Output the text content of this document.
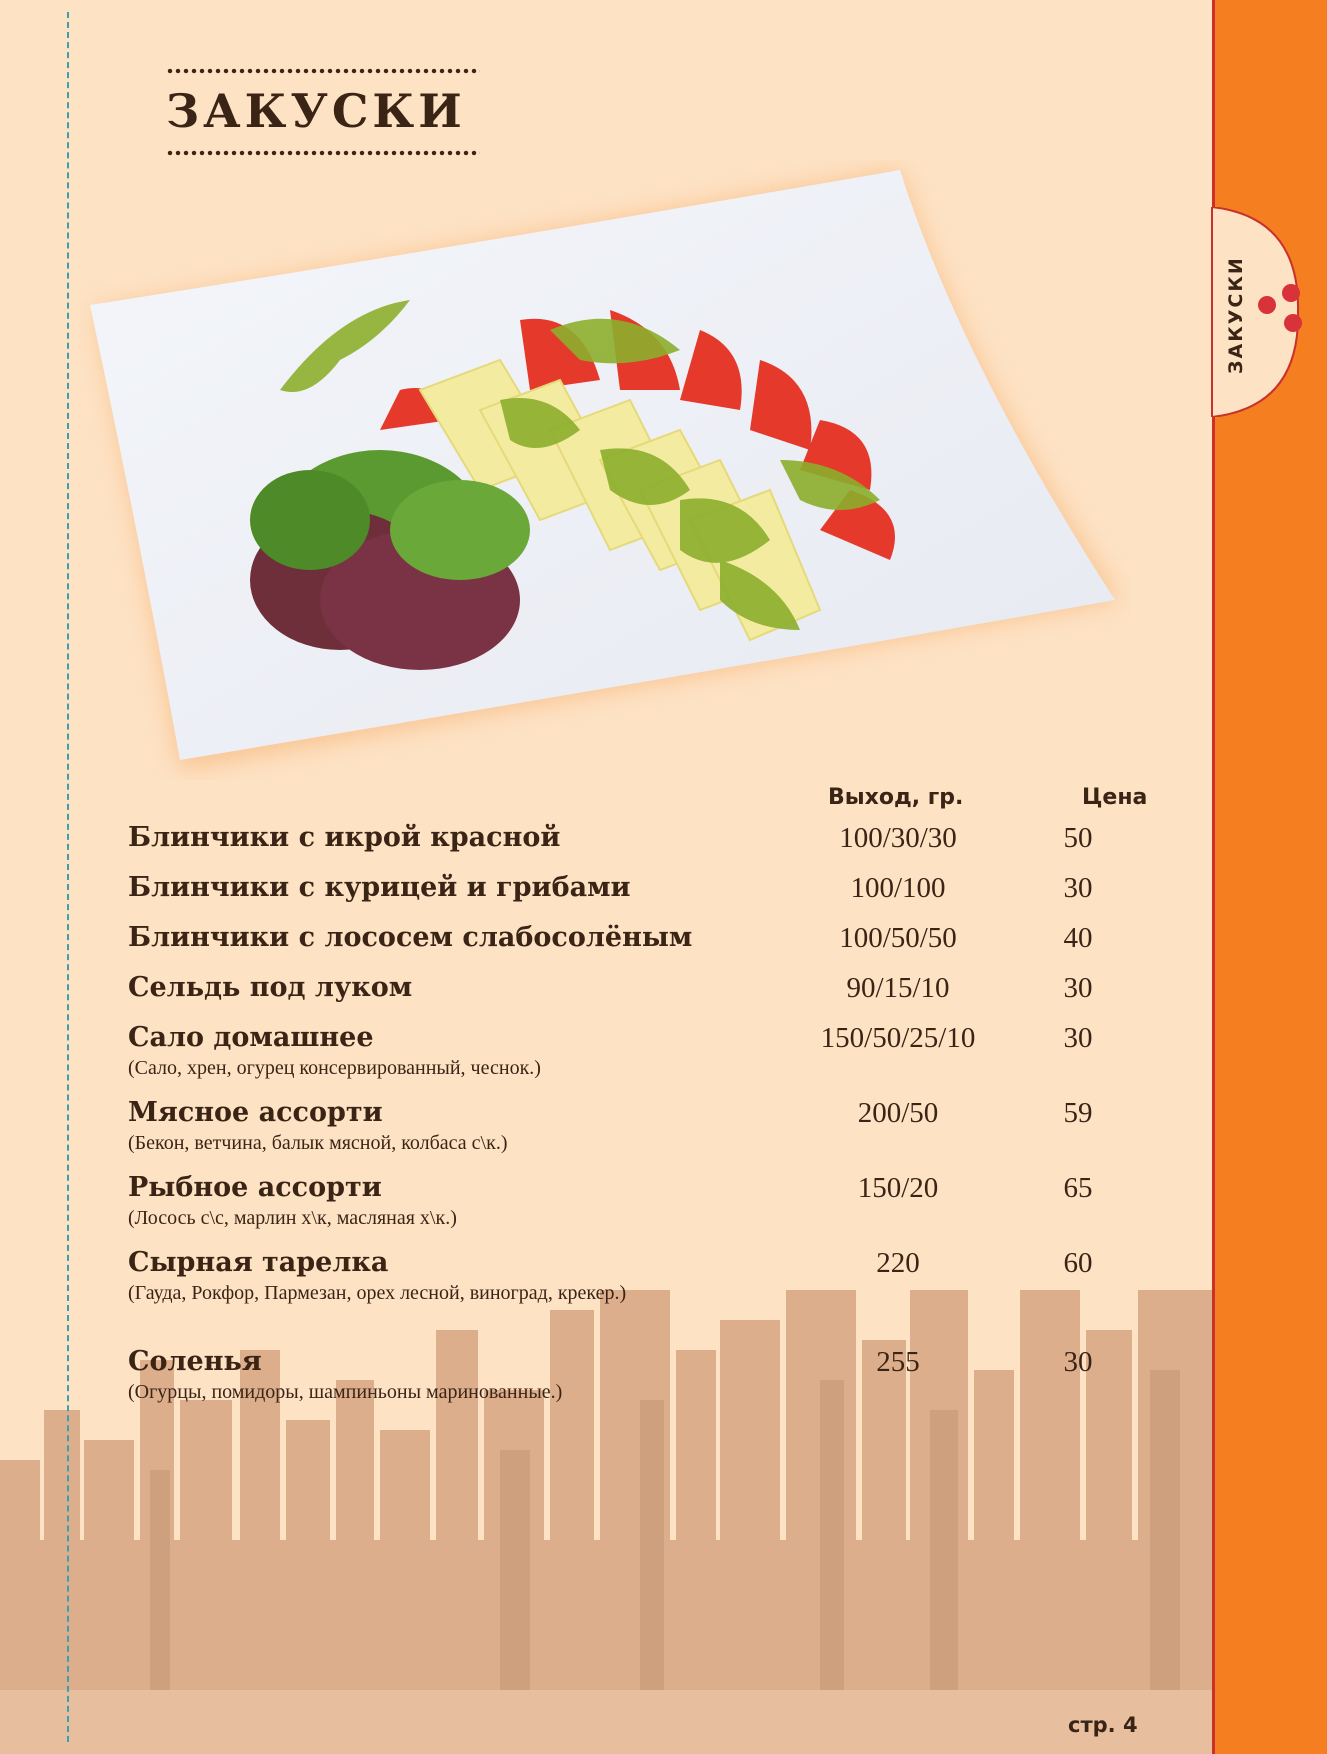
ЗАКУСКИ
Выход, гр.	Цена
Блинчики с икрой красной	100/30/30	50
Блинчики с курицей и грибами	100/100	30
Блинчики с лососем слабосолёным	100/50/50	40
Сельдь под луком	90/15/10	30
Сало домашнее
(Сало, хрен, огурец консервированный, чеснок.)
150/50/25/10	30
Мясное ассорти
(Бекон, ветчина, балык мясной, колбаса с\к.)
200/50	59
Рыбное ассорти
(Лосось с\с, марлин х\к, масляная х\к.)
150/20	65
Сырная тарелка
(Гауда, Рокфор, Пармезан, орех лесной, виноград, крекер.)
220	60
Соленья
(Огурцы, помидоры, шампиньоны маринованные.)
255	30
стр. 4
ЗАКУСКИ
